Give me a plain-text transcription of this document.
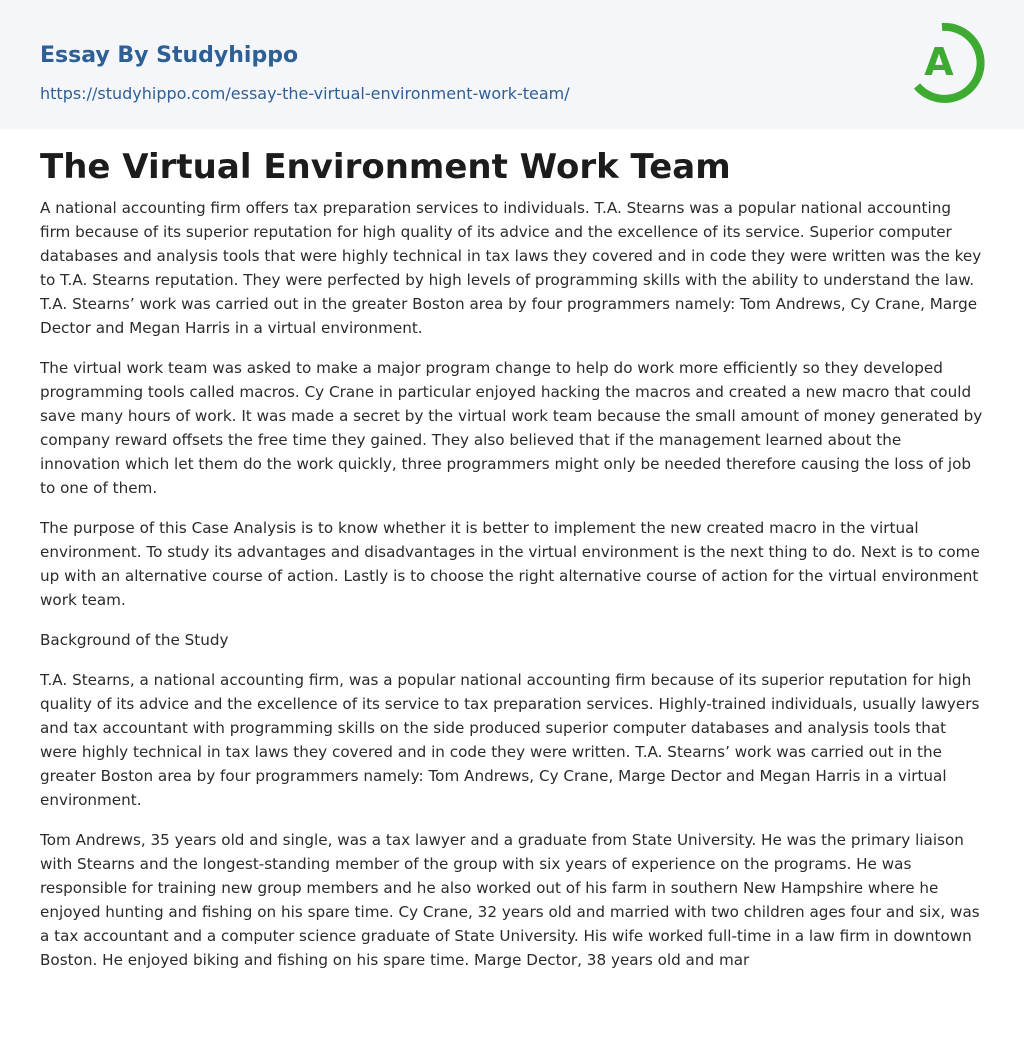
Essay By Studyhippo
https://studyhippo.com/essay-the-virtual-environment-work-team/
A
The Virtual Environment Work Team

A national accounting firm offers tax preparation services to individuals. T.A. Stearns was a popular national accounting firm because of its superior reputation for high quality of its advice and the excellence of its service. Superior computer databases and analysis tools that were highly technical in tax laws they covered and in code they were written was the key to T.A. Stearns reputation. They were perfected by high levels of programming skills with the ability to understand the law. T.A. Stearns’ work was carried out in the greater Boston area by four programmers namely: Tom Andrews, Cy Crane, Marge Dector and Megan Harris in a virtual environment.

The virtual work team was asked to make a major program change to help do work more efficiently so they developed programming tools called macros. Cy Crane in particular enjoyed hacking the macros and created a new macro that could save many hours of work. It was made a secret by the virtual work team because the small amount of money generated by company reward offsets the free time they gained. They also believed that if the management learned about the innovation which let them do the work quickly, three programmers might only be needed therefore causing the loss of job to one of them.

The purpose of this Case Analysis is to know whether it is better to implement the new created macro in the virtual environment. To study its advantages and disadvantages in the virtual environment is the next thing to do. Next is to come up with an alternative course of action. Lastly is to choose the right alternative course of action for the virtual environment work team.

Background of the Study

T.A. Stearns, a national accounting firm, was a popular national accounting firm because of its superior reputation for high quality of its advice and the excellence of its service to tax preparation services. Highly-trained individuals, usually lawyers and tax accountant with programming skills on the side produced superior computer databases and analysis tools that were highly technical in tax laws they covered and in code they were written. T.A. Stearns’ work was carried out in the greater Boston area by four programmers namely: Tom Andrews, Cy Crane, Marge Dector and Megan Harris in a virtual environment.

Tom Andrews, 35 years old and single, was a tax lawyer and a graduate from State University. He was the primary liaison with Stearns and the longest-standing member of the group with six years of experience on the programs. He was responsible for training new group members and he also worked out of his farm in southern New Hampshire where he enjoyed hunting and fishing on his spare time. Cy Crane, 32 years old and married with two children ages four and six, was a tax accountant and a computer science graduate of State University. His wife worked full-time in a law firm in downtown Boston. He enjoyed biking and fishing on his spare time. Marge Dector, 38 years old and mar
